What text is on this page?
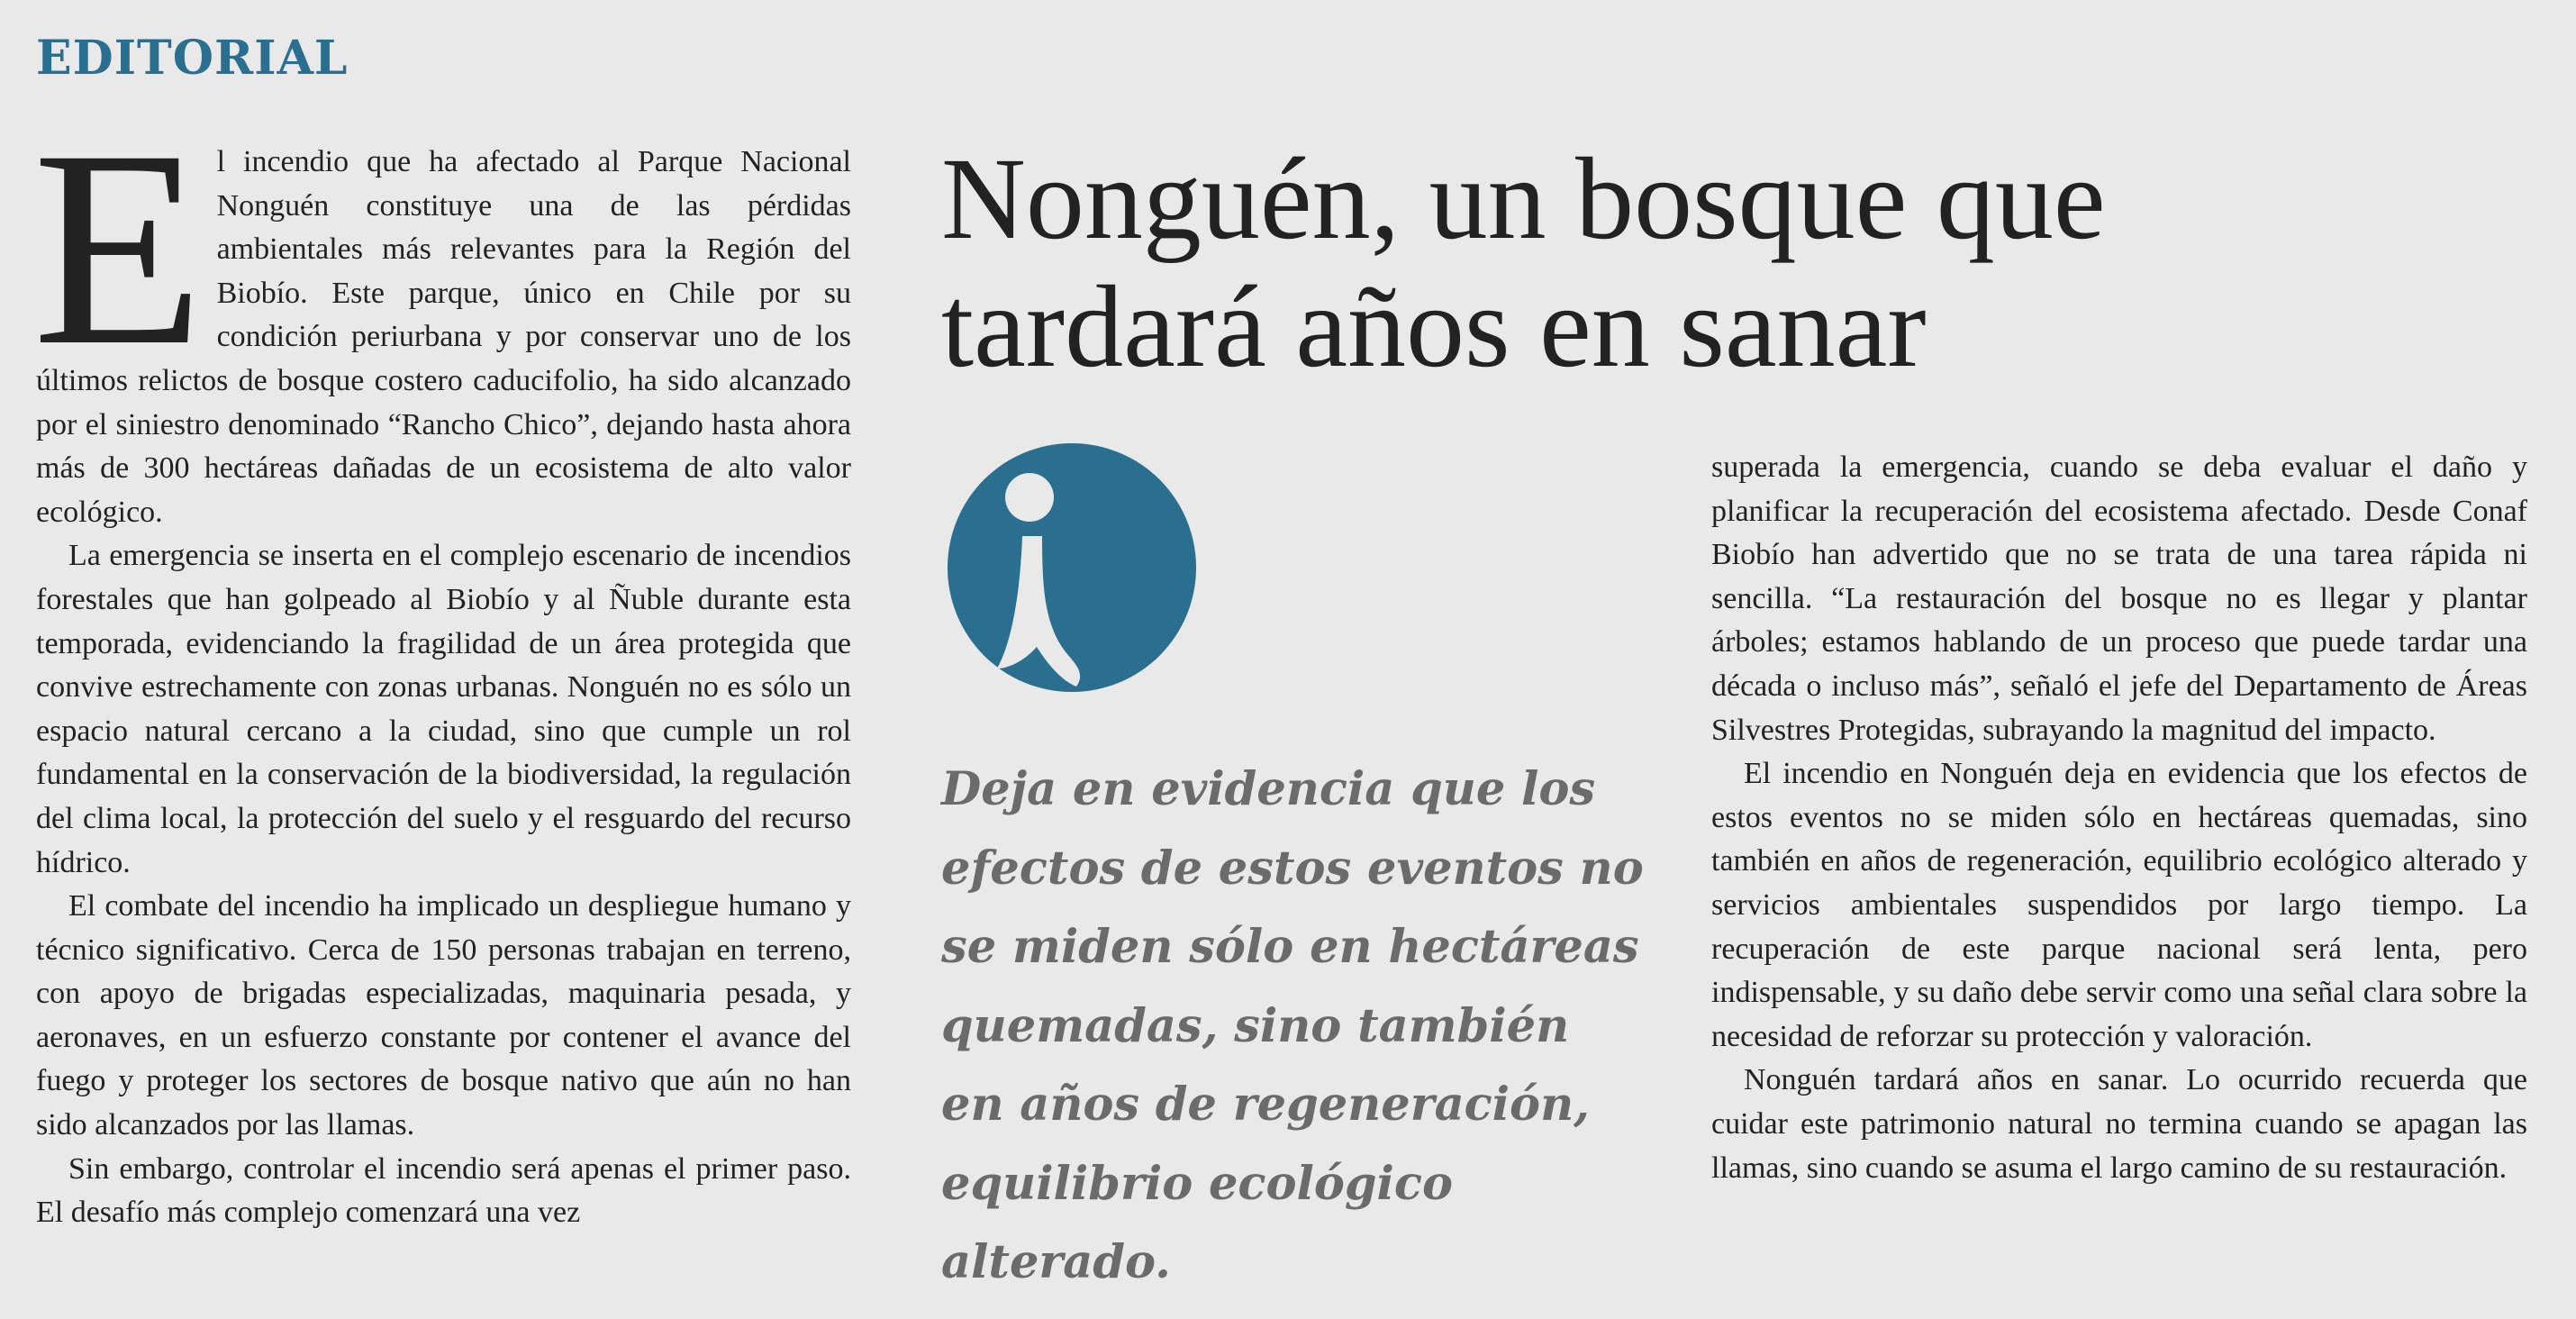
EDITORIAL

El incendio que ha afectado al Parque Nacional Nonguén constituye una de las pérdidas ambientales más relevantes para la Región del Biobío. Este parque, único en Chile por su condición periurbana y por conservar uno de los últimos relictos de bosque costero caducifolio, ha sido alcanzado por el siniestro denominado “Rancho Chico”, dejando hasta ahora más de 300 hectáreas dañadas de un ecosistema de alto valor ecológico.

La emergencia se inserta en el complejo escenario de incendios forestales que han golpeado al Biobío y al Ñuble durante esta temporada, evidenciando la fragilidad de un área protegida que convive estrechamente con zonas urbanas. Nonguén no es sólo un espacio natural cercano a la ciudad, sino que cumple un rol fundamental en la conservación de la biodiversidad, la regulación del clima local, la protección del suelo y el resguardo del recurso hídrico.

El combate del incendio ha implicado un despliegue humano y técnico significativo. Cerca de 150 personas trabajan en terreno, con apoyo de brigadas especializadas, maquinaria pesada, y aeronaves, en un esfuerzo constante por contener el avance del fuego y proteger los sectores de bosque nativo que aún no han sido alcanzados por las llamas.

Sin embargo, controlar el incendio será apenas el primer paso. El desafío más complejo comenzará una vez

Nonguén, un bosque que tardará años en sanar

Deja en evidencia que los efectos de estos eventos no se miden sólo en hectáreas quemadas, sino también en años de regeneración, equilibrio ecológico alterado.

superada la emergencia, cuando se deba evaluar el daño y planificar la recuperación del ecosistema afectado. Desde Conaf Biobío han advertido que no se trata de una tarea rápida ni sencilla. “La restauración del bosque no es llegar y plantar árboles; estamos hablando de un proceso que puede tardar una década o incluso más”, señaló el jefe del Departamento de Áreas Silvestres Protegidas, subrayando la magnitud del impacto.

El incendio en Nonguén deja en evidencia que los efectos de estos eventos no se miden sólo en hectáreas quemadas, sino también en años de regeneración, equilibrio ecológico alterado y servicios ambientales suspendidos por largo tiempo. La recuperación de este parque nacional será lenta, pero indispensable, y su daño debe servir como una señal clara sobre la necesidad de reforzar su protección y valoración.

Nonguén tardará años en sanar. Lo ocurrido recuerda que cuidar este patrimonio natural no termina cuando se apagan las llamas, sino cuando se asuma el largo camino de su restauración.
